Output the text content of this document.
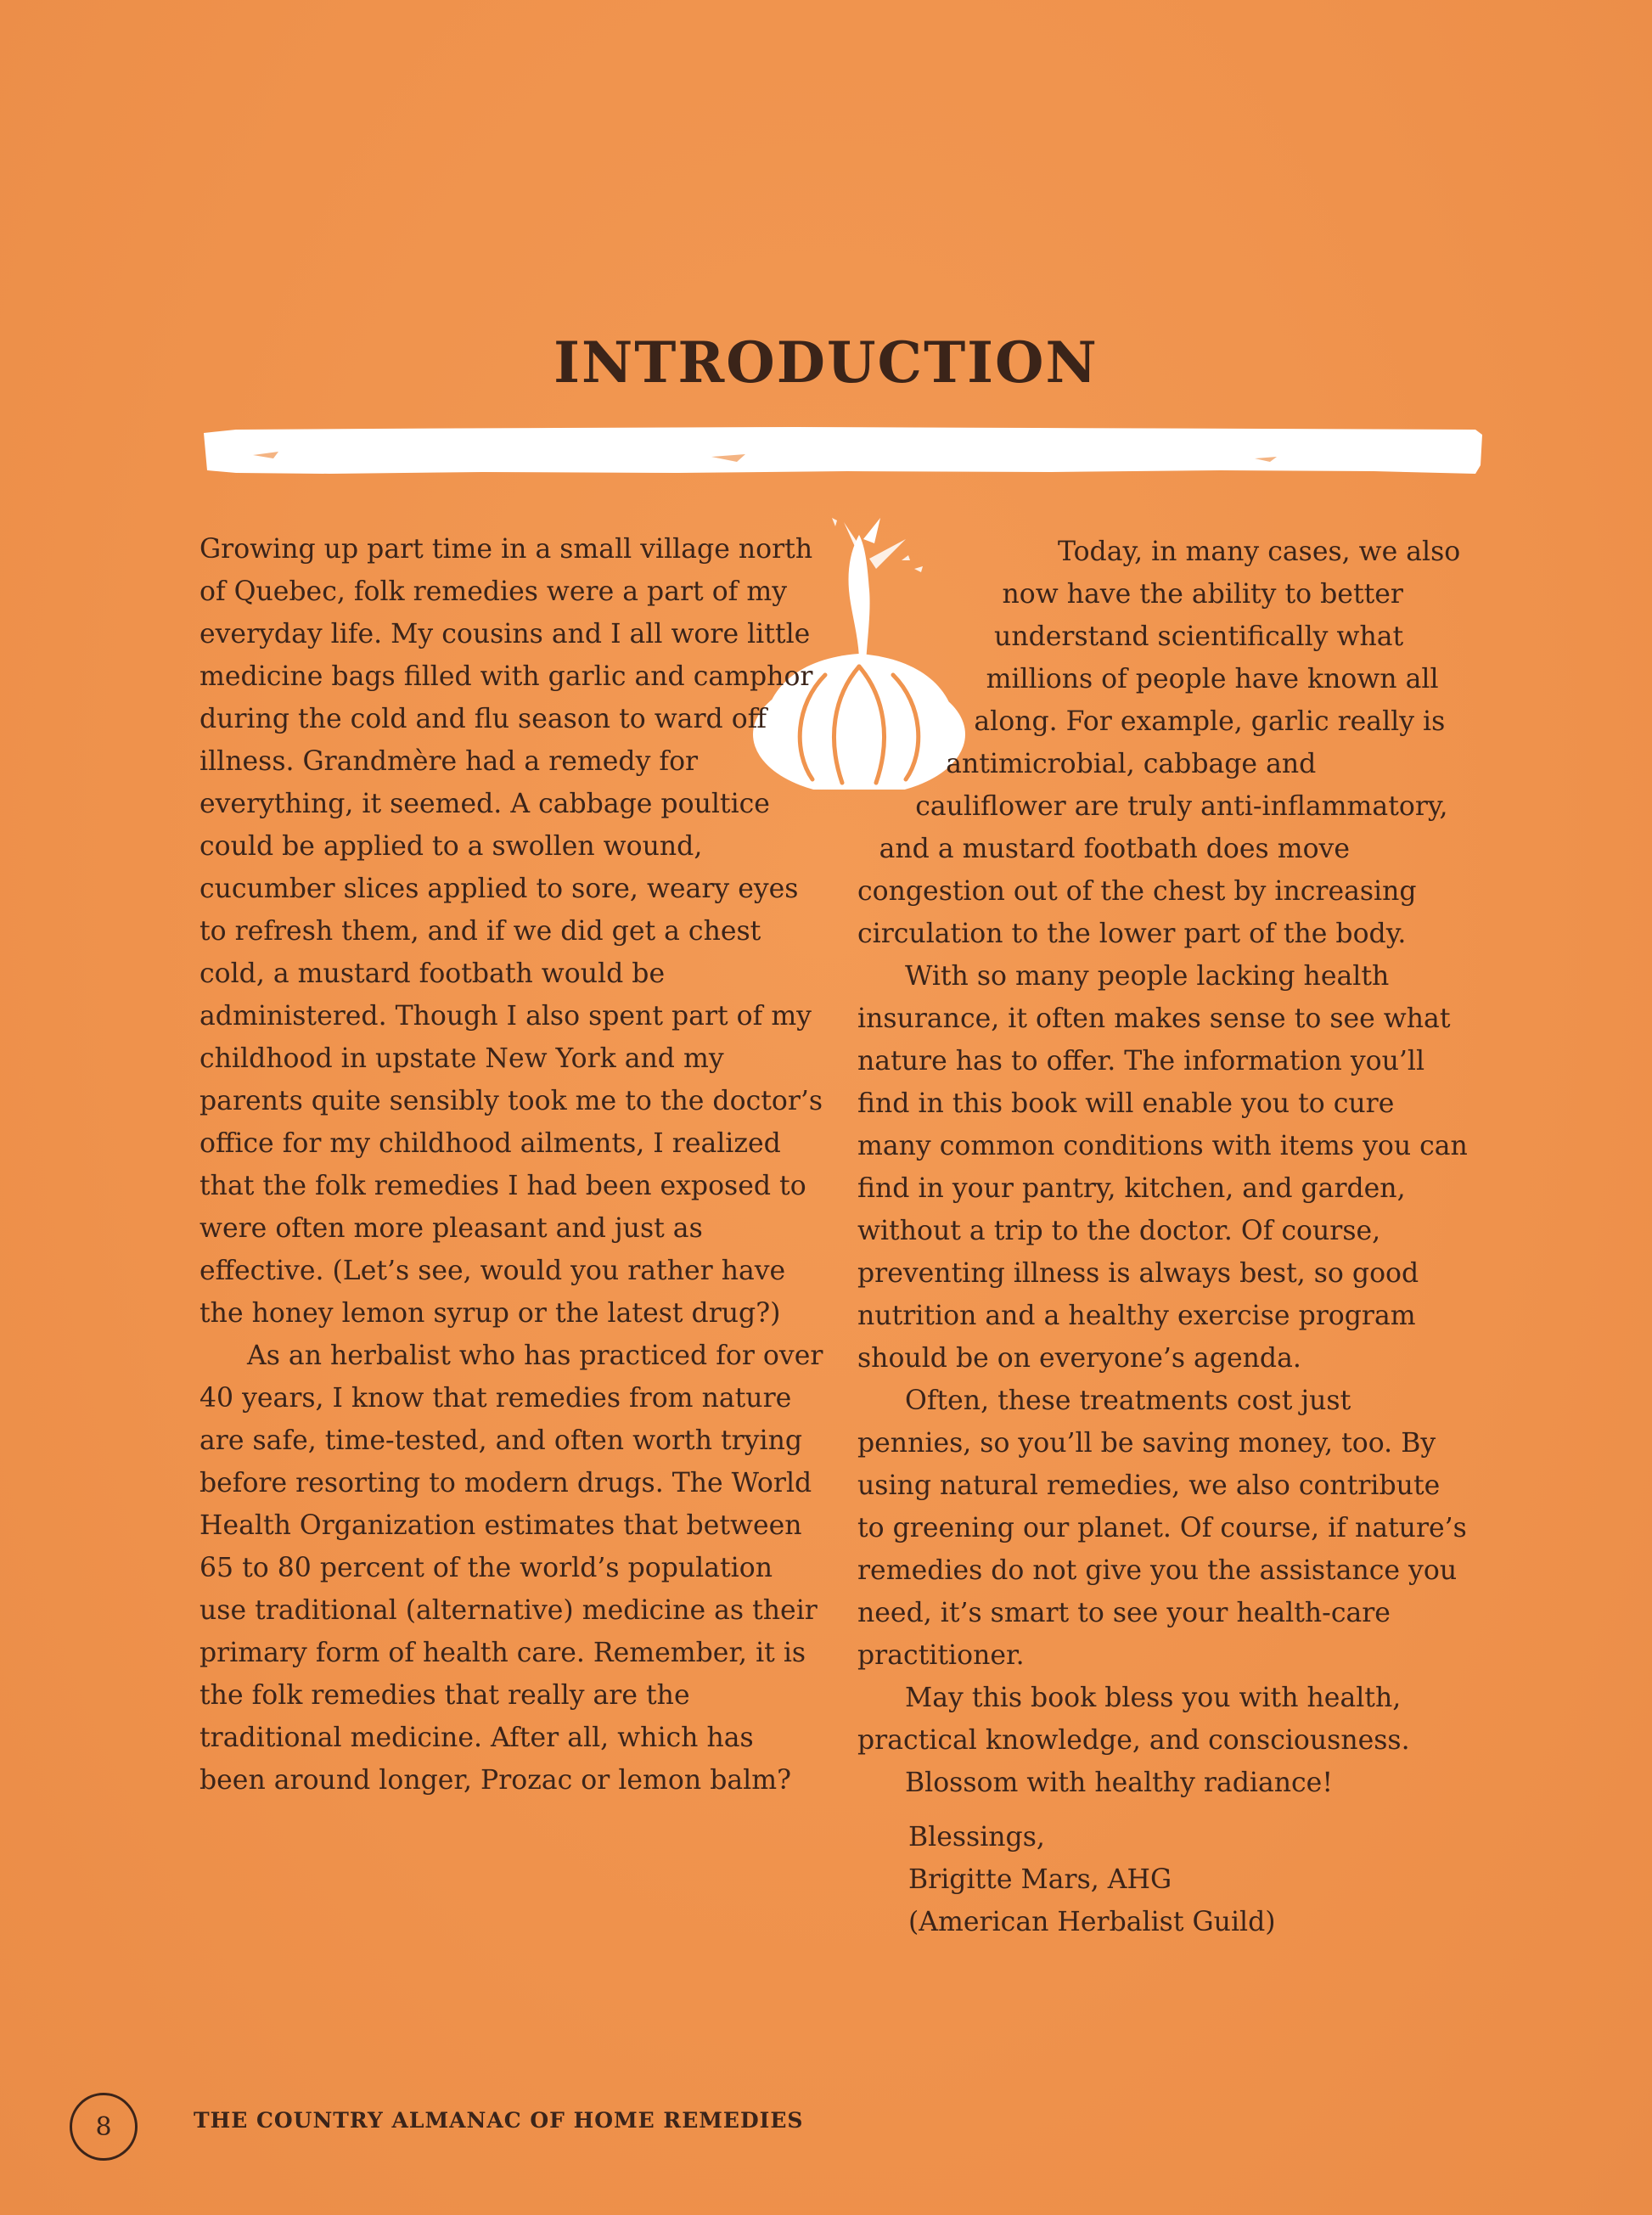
INTRODUCTION

Growing up part time in a small village north of Quebec, folk remedies were a part of my everyday life. My cousins and I all wore little medicine bags filled with garlic and camphor during the cold and flu season to ward off illness. Grandmère had a remedy for everything, it seemed. A cabbage poultice could be applied to a swollen wound, cucumber slices applied to sore, weary eyes to refresh them, and if we did get a chest cold, a mustard footbath would be administered. Though I also spent part of my childhood in upstate New York and my parents quite sensibly took me to the doctor’s office for my childhood ailments, I realized that the folk remedies I had been exposed to were often more pleasant and just as effective. (Let’s see, would you rather have the honey lemon syrup or the latest drug?)

As an herbalist who has practiced for over 40 years, I know that remedies from nature are safe, time-tested, and often worth trying before resorting to modern drugs. The World Health Organization estimates that between 65 to 80 percent of the world’s population use traditional (alternative) medicine as their primary form of health care. Remember, it is the folk remedies that really are the traditional medicine. After all, which has been around longer, Prozac or lemon balm?

Today, in many cases, we also now have the ability to better understand scientifically what millions of people have known all along. For example, garlic really is antimicrobial, cabbage and cauliflower are truly anti-inflammatory, and a mustard footbath does move congestion out of the chest by increasing circulation to the lower part of the body.

With so many people lacking health insurance, it often makes sense to see what nature has to offer. The information you’ll find in this book will enable you to cure many common conditions with items you can find in your pantry, kitchen, and garden, without a trip to the doctor. Of course, preventing illness is always best, so good nutrition and a healthy exercise program should be on everyone’s agenda.

Often, these treatments cost just pennies, so you’ll be saving money, too. By using natural remedies, we also contribute to greening our planet. Of course, if nature’s remedies do not give you the assistance you need, it’s smart to see your health-care practitioner.

May this book bless you with health, practical knowledge, and consciousness.

Blossom with healthy radiance!

Blessings,
Brigitte Mars, AHG
(American Herbalist Guild)
8	THE COUNTRY ALMANAC OF HOME REMEDIES
